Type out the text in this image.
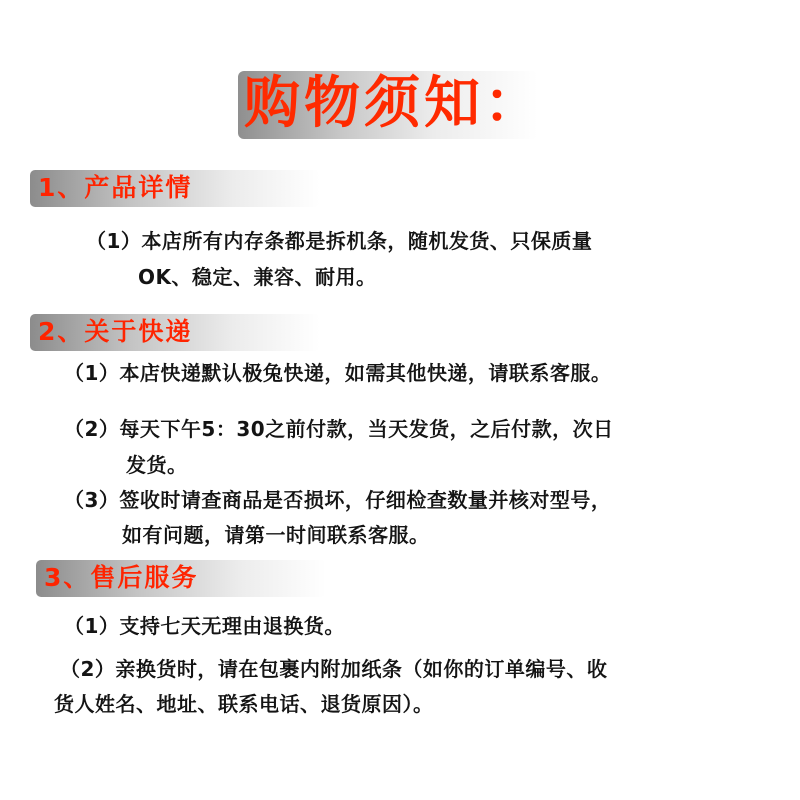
购物须知：
1、产品详情
（1）本店所有内存条都是拆机条，随机发货、只保质量
OK、稳定、兼容、耐用。
2、关于快递
（1）本店快递默认极兔快递，如需其他快递，请联系客服。
（2）每天下午5：30之前付款，当天发货，之后付款，次日
发货。
（3）签收时请查商品是否损坏，仔细检查数量并核对型号，
如有问题，请第一时间联系客服。
3、售后服务
（1）支持七天无理由退换货。
（2）亲换货时，请在包裹内附加纸条（如你的订单编号、收
货人姓名、地址、联系电话、退货原因）。
